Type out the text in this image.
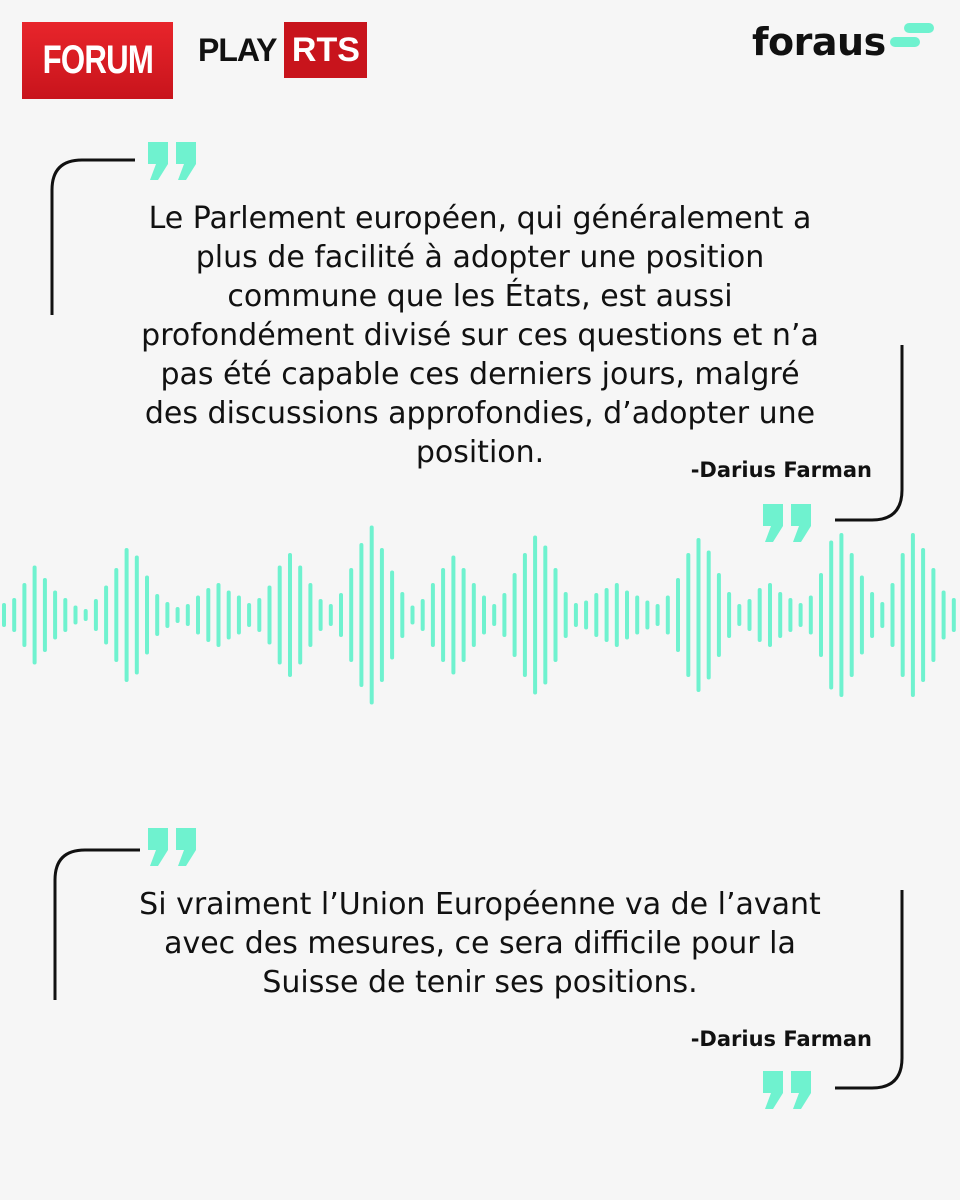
FORUM PLAY RTS	foraus
Le Parlement européen, qui généralement a
plus de facilité à adopter une position
commune que les États, est aussi
profondément divisé sur ces questions et n’a
pas été capable ces derniers jours, malgré
des discussions approfondies, d’adopter une
position.	-Darius Farman
Si vraiment l’Union Européenne va de l’avant
avec des mesures, ce sera difficile pour la
Suisse de tenir ses positions.
-Darius Farman
